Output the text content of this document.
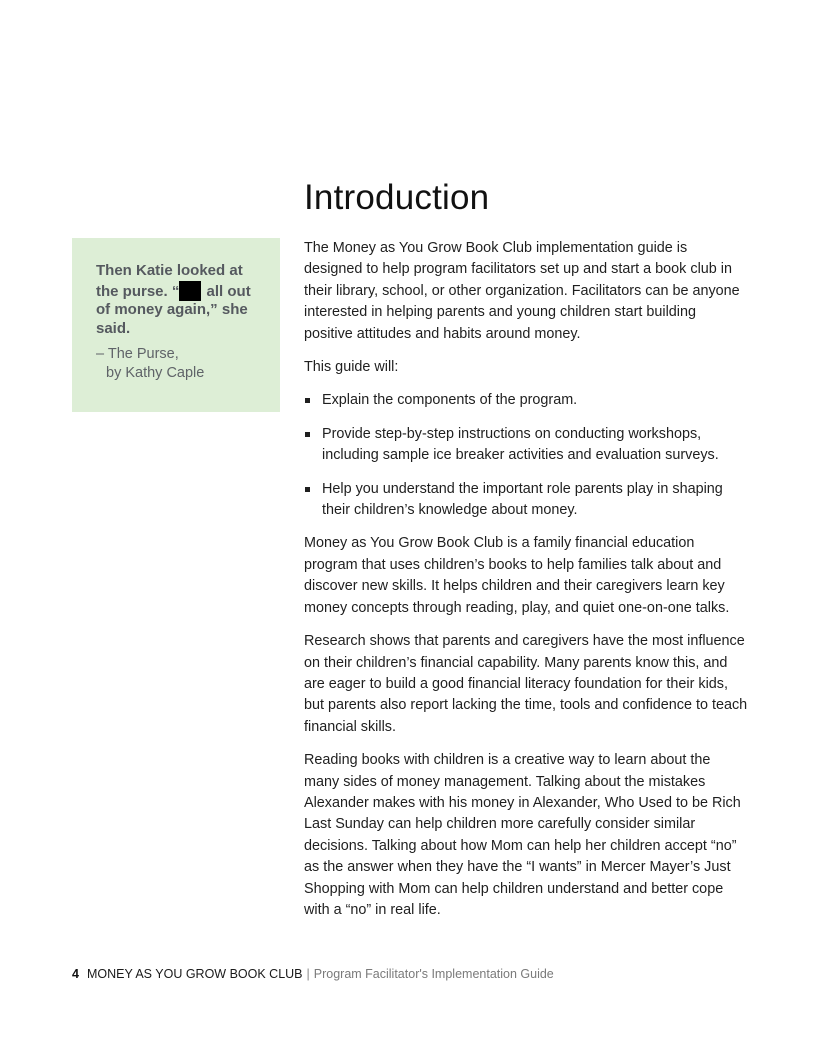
Introduction

Then Katie looked at the purse. “ all out of money again,” she said.

– The Purse,
by Kathy Caple

The Money as You Grow Book Club implementation guide is designed to help program facilitators set up and start a book club in their library, school, or other organization. Facilitators can be anyone interested in helping parents and young children start building positive attitudes and habits around money.

This guide will:

Explain the components of the program.
Provide step-by-step instructions on conducting workshops, including sample ice breaker activities and evaluation surveys.
Help you understand the important role parents play in shaping their children’s knowledge about money.

Money as You Grow Book Club is a family financial education program that uses children’s books to help families talk about and discover new skills. It helps children and their caregivers learn key money concepts through reading, play, and quiet one-on-one talks.

Research shows that parents and caregivers have the most influence on their children’s financial capability. Many parents know this, and are eager to build a good financial literacy foundation for their kids, but parents also report lacking the time, tools and confidence to teach financial skills.

Reading books with children is a creative way to learn about the many sides of money management. Talking about the mistakes Alexander makes with his money in Alexander, Who Used to be Rich Last Sunday can help children more carefully consider similar decisions. Talking about how Mom can help her children accept “no” as the answer when they have the “I wants” in Mercer Mayer’s Just Shopping with Mom can help children understand and better cope with a “no” in real life.

4 MONEY AS YOU GROW BOOK CLUB | Program Facilitator's Implementation Guide
